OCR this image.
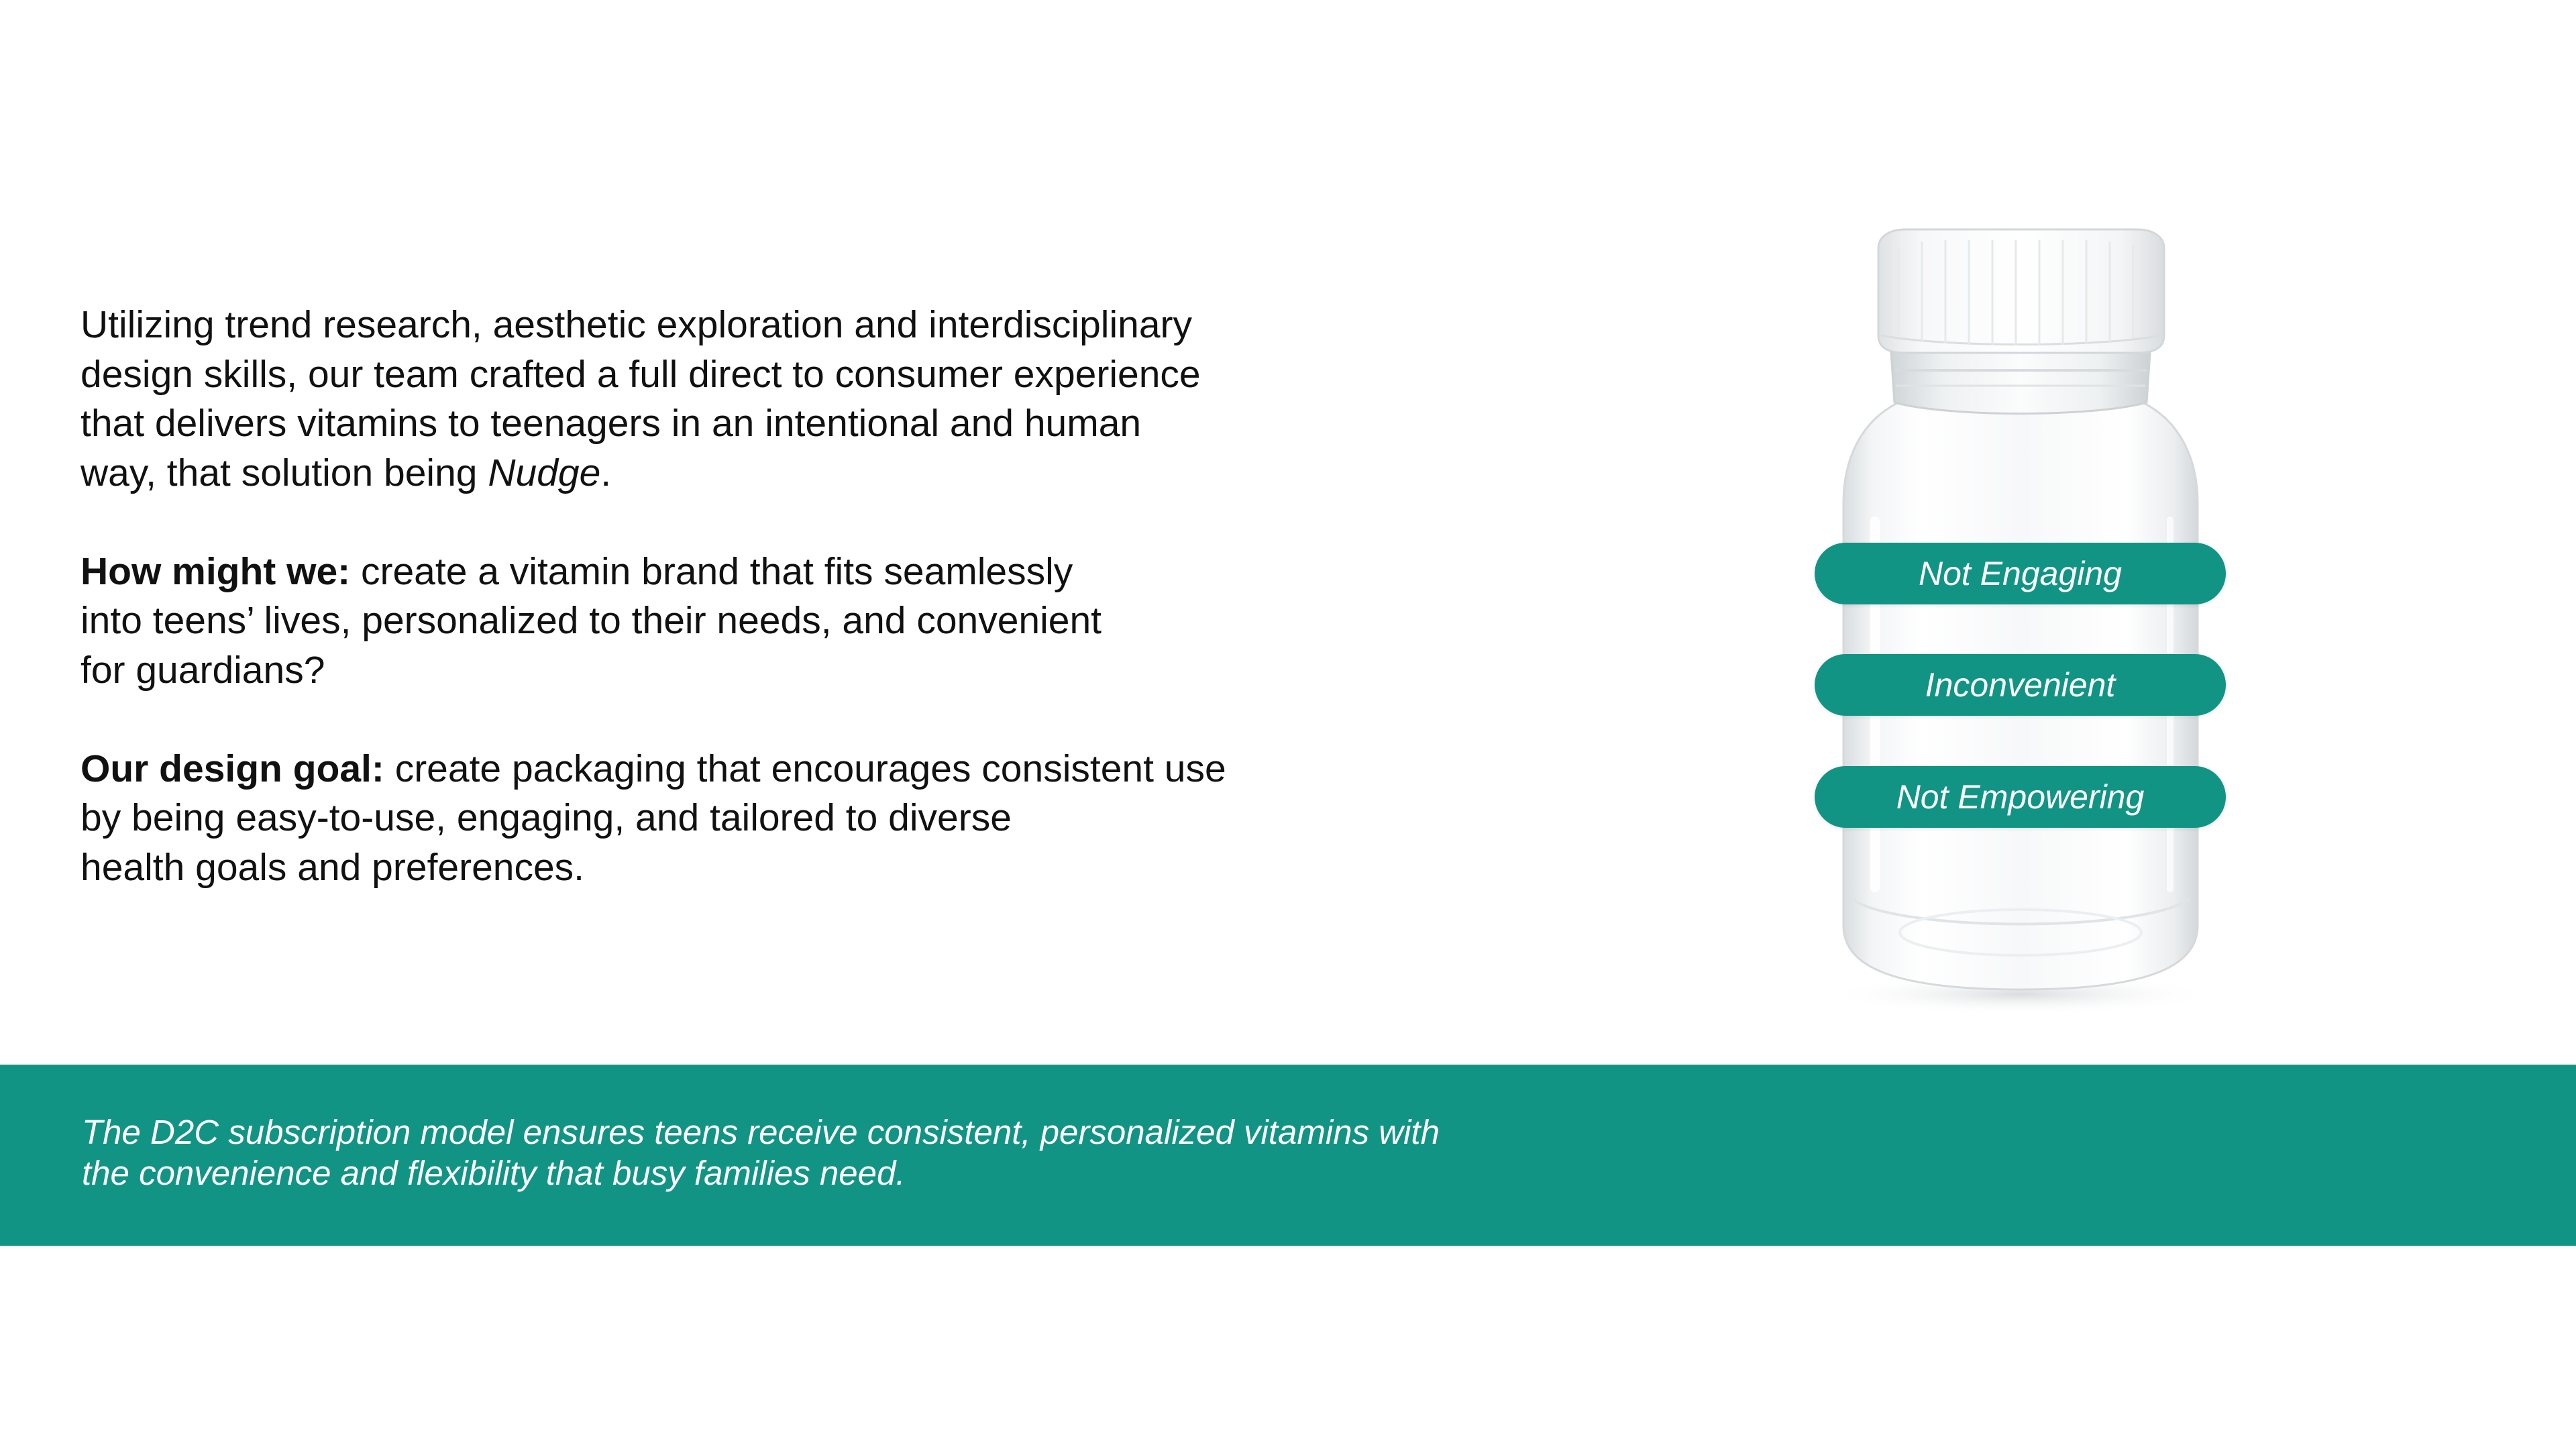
Utilizing trend research, aesthetic exploration and interdisciplinary
design skills, our team crafted a full direct to consumer experience
that delivers vitamins to teenagers in an intentional and human
way, that solution being Nudge.

How might we: create a vitamin brand that fits seamlessly
into teens’ lives, personalized to their needs, and convenient
for guardians?

Our design goal: create packaging that encourages consistent use
by being easy-to-use, engaging, and tailored to diverse
health goals and preferences.

Not Engaging
Inconvenient
Not Empowering
The D2C subscription model ensures teens receive consistent, personalized vitamins with
the convenience and flexibility that busy families need.
